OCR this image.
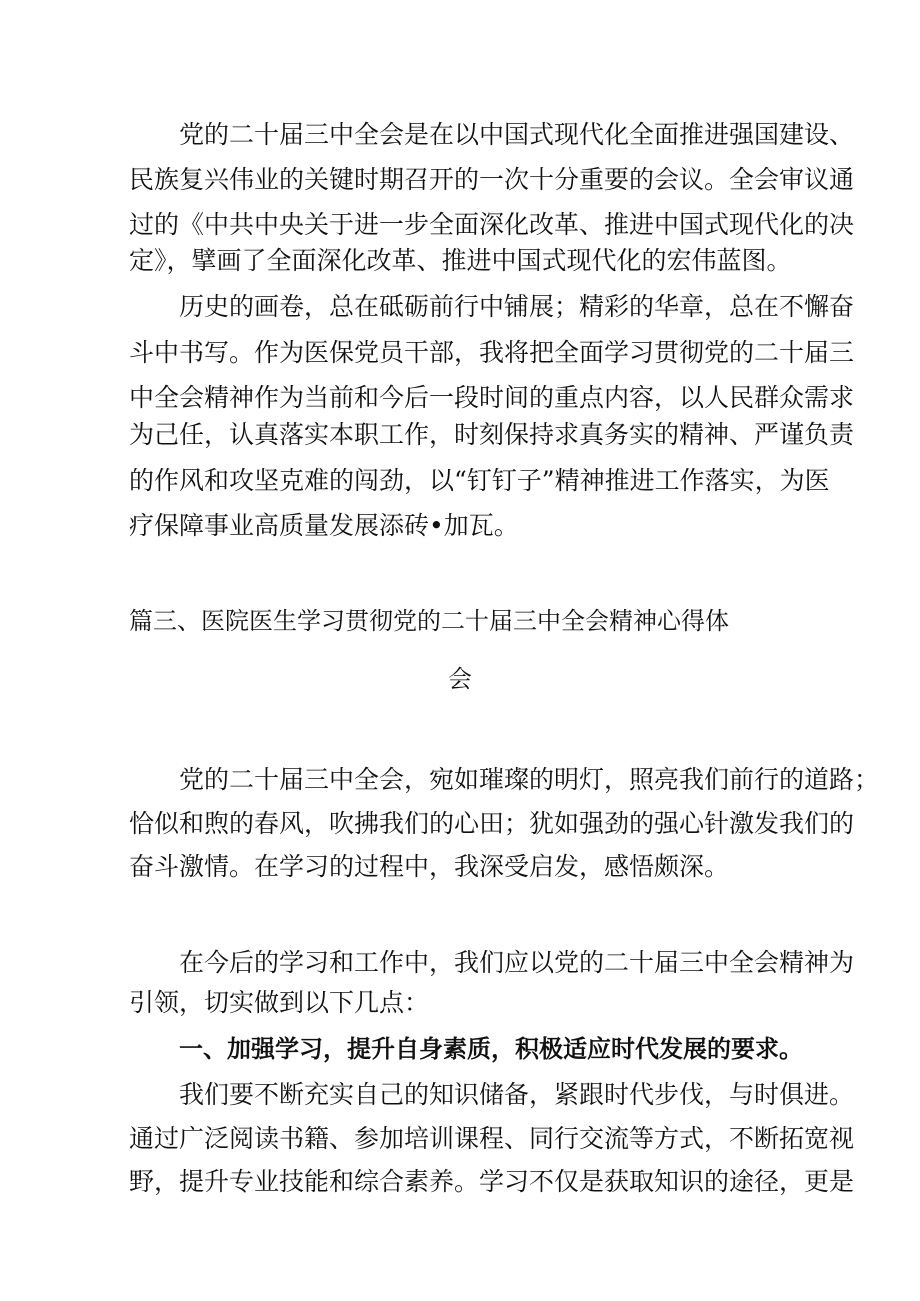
党的二十届三中全会是在以中国式现代化全面推进强国建设、

民族复兴伟业的关键时期召开的一次十分重要的会议。全会审议通

过的《中共中央关于进一步全面深化改革、推进中国式现代化的决

定》，擘画了全面深化改革、推进中国式现代化的宏伟蓝图。

历史的画卷，总在砥砺前行中铺展；精彩的华章，总在不懈奋

斗中书写。作为医保党员干部，我将把全面学习贯彻党的二十届三

中全会精神作为当前和今后一段时间的重点内容，以人民群众需求

为己任，认真落实本职工作，时刻保持求真务实的精神、严谨负责

的作风和攻坚克难的闯劲，以“钉钉子”精神推进工作落实，为医

疗保障事业高质量发展添砖•加瓦。

篇三、医院医生学习贯彻党的二十届三中全会精神心得体
会

党的二十届三中全会，宛如璀璨的明灯，照亮我们前行的道路；

恰似和煦的春风，吹拂我们的心田；犹如强劲的强心针激发我们的

奋斗激情。在学习的过程中，我深受启发，感悟颇深。

在今后的学习和工作中，我们应以党的二十届三中全会精神为

引领，切实做到以下几点：

一、加强学习，提升自身素质，积极适应时代发展的要求。

我们要不断充实自己的知识储备，紧跟时代步伐，与时俱进。

通过广泛阅读书籍、参加培训课程、同行交流等方式，不断拓宽视

野，提升专业技能和综合素养。学习不仅是获取知识的途径，更是
